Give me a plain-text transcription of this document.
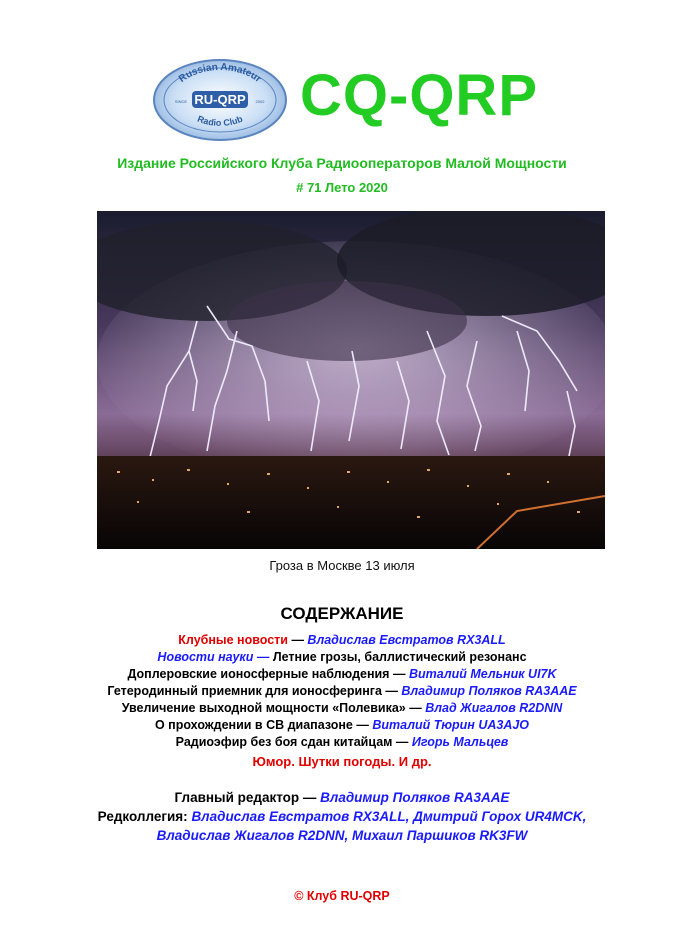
Russian Amateur
Radio Club
RU-QRP
SINCE	2002 CQ-QRP
Издание Российского Клуба Радиооператоров Малой Мощности
# 71 Лето 2020
Гроза в Москве 13 июля
СОДЕРЖАНИЕ
Клубные новости — Владислав Евстратов RX3ALL
Новости науки — Летние грозы, баллистический резонанс
Доплеровские ионосферные наблюдения — Виталий Мельник UI7K
Гетеродинный приемник для ионосферинга — Владимир Поляков RA3AAE
Увеличение выходной мощности «Полевика» — Влад Жигалов R2DNN
О прохождении в СВ диапазоне — Виталий Тюрин UA3AJO
Радиоэфир без боя сдан китайцам — Игорь Мальцев
Юмор. Шутки погоды. И др.
Главный редактор — Владимир Поляков RA3AAE
Редколлегия: Владислав Евстратов RX3ALL, Дмитрий Горох UR4MCK,
Владислав Жигалов R2DNN, Михаил Паршиков RK3FW
© Клуб RU-QRP
